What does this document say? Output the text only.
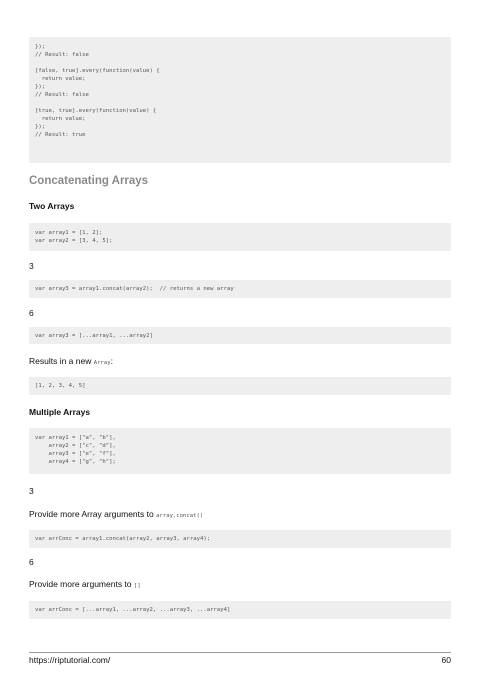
});
// Result: false
[false, true].every(function(value) {
return value;
});
// Result: false
[true, true].every(function(value) {
return value;
});
// Result: true
Concatenating Arrays
Two Arrays
var array1 = [1, 2];
var array2 = [3, 4, 5];
3
var array3 = array1.concat(array2);  // returns a new array
6
var array3 = [...array1, ...array2]
Results in a new Array:
[1, 2, 3, 4, 5]
Multiple Arrays
var array1 = ["a", "b"],
array2 = ["c", "d"],
array3 = ["e", "f"],
array4 = ["g", "h"];
3
Provide more Array arguments to array.concat()
var arrConc = array1.concat(array2, array3, array4);
6
Provide more arguments to []
var arrConc = [...array1, ...array2, ...array3, ...array4]
https://riptutorial.com/	60
